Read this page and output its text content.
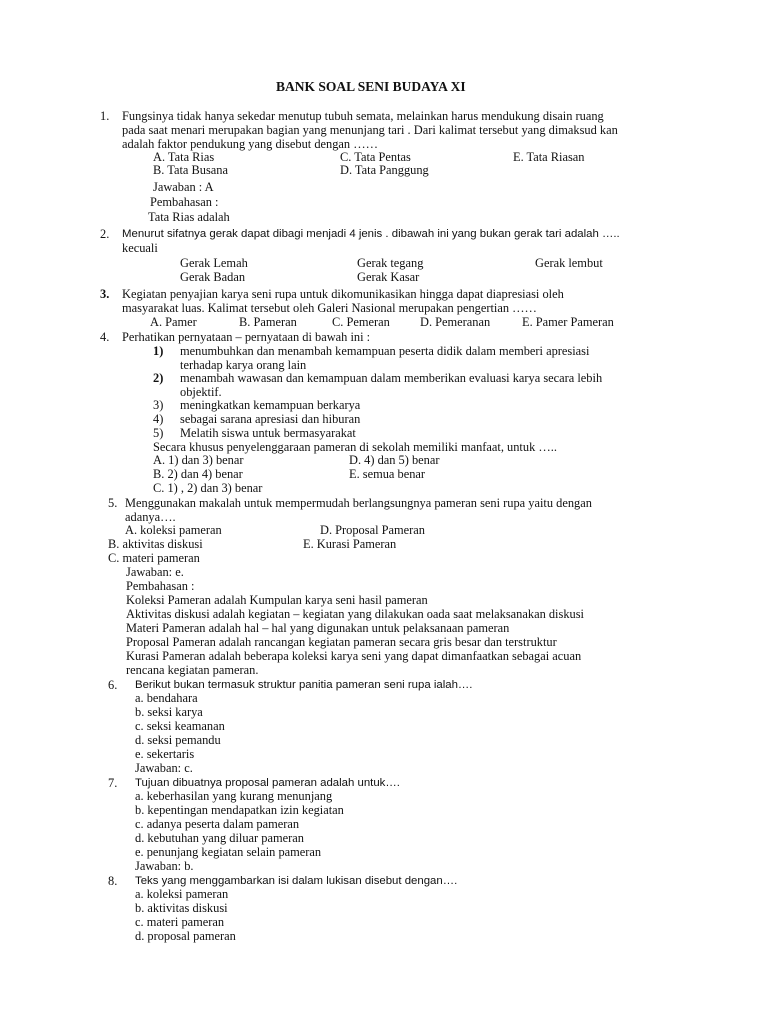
BANK SOAL SENI BUDAYA XI
1. Fungsinya tidak hanya sekedar menutup tubuh semata, melainkan harus mendukung disain ruang
pada saat menari merupakan bagian yang menunjang tari . Dari kalimat tersebut yang dimaksud kan
adalah faktor pendukung yang disebut dengan ……
A. Tata Rias	C. Tata Pentas	E. Tata Riasan
B. Tata Busana	D. Tata Panggung
Jawaban : A
Pembahasan :
Tata Rias adalah
2. Menurut sifatnya gerak dapat dibagi menjadi 4 jenis . dibawah ini yang bukan gerak tari adalah …..
kecuali
Gerak Lemah	Gerak tegang	Gerak lembut
Gerak Badan	Gerak Kasar
3. Kegiatan penyajian karya seni rupa untuk dikomunikasikan hingga dapat diapresiasi oleh
masyarakat luas. Kalimat tersebut oleh Galeri Nasional merupakan pengertian ……
A. Pamer	B. Pameran	C. Pemeran D. Pemeranan	E. Pamer Pameran
4. Perhatikan pernyataan – pernyataan di bawah ini :
1) menumbuhkan dan menambah kemampuan peserta didik dalam memberi apresiasi
terhadap karya orang lain
2) menambah wawasan dan kemampuan dalam memberikan evaluasi karya secara lebih
objektif.
3) meningkatkan kemampuan berkarya
4) sebagai sarana apresiasi dan hiburan
5) Melatih siswa untuk bermasyarakat
Secara khusus penyelenggaraan pameran di sekolah memiliki manfaat, untuk …..
A. 1) dan 3) benar	D. 4) dan 5) benar
B. 2) dan 4) benar	E. semua benar
C. 1) , 2) dan 3) benar
5. Menggunakan makalah untuk mempermudah berlangsungnya pameran seni rupa yaitu dengan
adanya….
A. koleksi pameran	D. Proposal Pameran
B. aktivitas diskusi	E. Kurasi Pameran
C. materi pameran
Jawaban: e.
Pembahasan :
Koleksi Pameran adalah Kumpulan karya seni hasil pameran
Aktivitas diskusi adalah kegiatan – kegiatan yang dilakukan oada saat melaksanakan diskusi
Materi Pameran adalah hal – hal yang digunakan untuk pelaksanaan pameran
Proposal Pameran adalah rancangan kegiatan pameran secara gris besar dan terstruktur
Kurasi Pameran adalah beberapa koleksi karya seni yang dapat dimanfaatkan sebagai acuan
rencana kegiatan pameran.
6. Berikut bukan termasuk struktur panitia pameran seni rupa ialah….
a. bendahara
b. seksi karya
c. seksi keamanan
d. seksi pemandu
e. sekertaris
Jawaban: c.
7. Tujuan dibuatnya proposal pameran adalah untuk….
a. keberhasilan yang kurang menunjang
b. kepentingan mendapatkan izin kegiatan
c. adanya peserta dalam pameran
d. kebutuhan yang diluar pameran
e. penunjang kegiatan selain pameran
Jawaban: b.
8. Teks yang menggambarkan isi dalam lukisan disebut dengan….
a. koleksi pameran
b. aktivitas diskusi
c. materi pameran
d. proposal pameran
